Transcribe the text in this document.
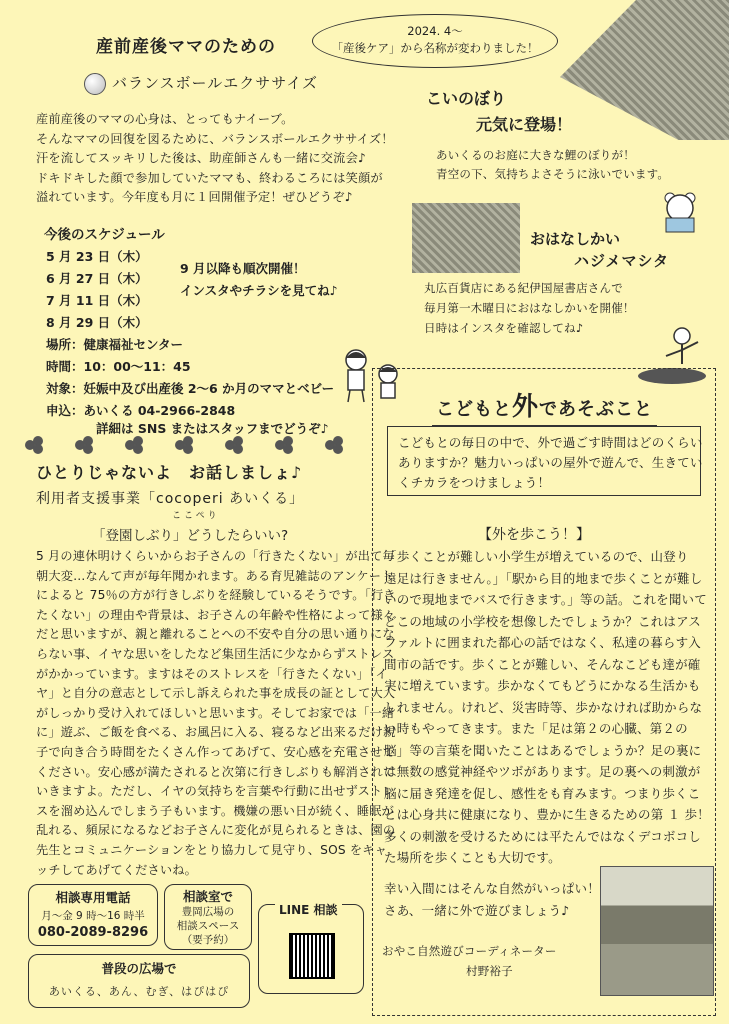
産前産後ママのための
バランスボールエクササイズ
2024. 4～
「産後ケア」から名称が変わりました！
産前産後のママの心身は、とってもナイーブ。
そんなママの回復を図るために、バランスボールエクササイズ！
汗を流してスッキリした後は、助産師さんも一緒に交流会♪
ドキドキした顔で参加していたママも、終わるころには笑顔が
溢れています。今年度も月に１回開催予定！ぜひどうぞ♪
今後のスケジュール
5 月 23 日（木）
6 月 27 日（木）
7 月 11 日（木）
8 月 29 日（木）
9 月以降も順次開催！
インスタやチラシを見てね♪
場所：健康福祉センター
時間：10：00～11：45
対象：妊娠中及び出産後 2～6 か月のママとベビー
申込：あいくる 04-2966-2848
詳細は SNS またはスタッフまでどうぞ♪
ひとりじゃないよ　お話しましょ♪
利用者支援事業「cocoperi あいくる」
ここぺり
「登園しぶり」どうしたらいい?
5 月の連休明けくらいからお子さんの「行きたくない」が出て毎
朝大変…なんて声が毎年聞かれます。ある育児雑誌のアンケート
によると 75％の方が行きしぶりを経験しているそうです。「行き
たくない」の理由や背景は、お子さんの年齢や性格によって様々
だと思いますが、親と離れることへの不安や自分の思い通りにな
らない事、イヤな思いをしたなど集団生活に少なからずストレス
がかかっています。ますはそのストレスを「行きたくない」「イ
ヤ」と自分の意志として示し訴えられた事を成長の証として大人
がしっかり受け入れてほしいと思います。そしてお家では「一緒
に」遊ぶ、ご飯を食べる、お風呂に入る、寝るなど出来るだけ親
子で向き合う時間をたくさん作ってあげて、安心感を充電させて
ください。安心感が満たされると次第に行きしぶりも解消されて
いきますよ。ただし、イヤの気持ちを言葉や行動に出せずストレ
スを溜め込んでしまう子もいます。機嫌の悪い日が続く、睡眠が
乱れる、頻尿になるなどお子さんに変化が見られるときは、園の
先生とコミュニケーションをとり協力して見守り、SOS をキャ
ッチしてあげてくださいね。
相談専用電話
月～金 9 時～16 時半
080-2089-8296
相談室で
豊岡広場の
相談スペース
（要予約）
LINE 相談
普段の広場で
あいくる、あん、むぎ、はぴはぴ
こいのぼり
元気に登場！
あいくるのお庭に大きな鯉のぼりが！
青空の下、気持ちよさそうに泳いでいます。
おはなしかい
ハジメマシタ
丸広百貨店にある紀伊国屋書店さんで
毎月第一木曜日におはなしかいを開催！
日時はインスタを確認してね♪
こどもと外であそぶこと
こどもとの毎日の中で、外で過ごす時間はどのくらい
ありますか？魅力いっぱいの屋外で遊んで、生きてい
くチカラをつけましょう！
【外を歩こう！】
「歩くことが難しい小学生が増えているので、山登り
遠足は行きません。」「駅から目的地まで歩くことが難し
いので現地までバスで行きます。」等の話。これを聞いて
どこの地域の小学校を想像したでしょうか？これはアス
ファルトに囲まれた都心の話ではなく、私達の暮らす入
間市の話です。歩くことが難しい、そんなこども達が確
実に増えています。歩かなくてもどうにかなる生活かも
しれません。けれど、災害時等、歩かなければ助からな
い時もやってきます。また「足は第２の心臓、第２の
脳」等の言葉を聞いたことはあるでしょうか？足の裏に
は無数の感覚神経やツボがあります。足の裏への刺激が
脳に届き発達を促し、感性をも育みます。つまり歩くこ
とは心身共に健康になり、豊かに生きるための第 １ 歩！
多くの刺激を受けるためには平たんではなくデコボコし
た場所を歩くことも大切です。
幸い入間にはそんな自然がいっぱい！
さあ、一緒に外で遊びましょう♪
おやこ自然遊びコーディネーター
村野裕子
